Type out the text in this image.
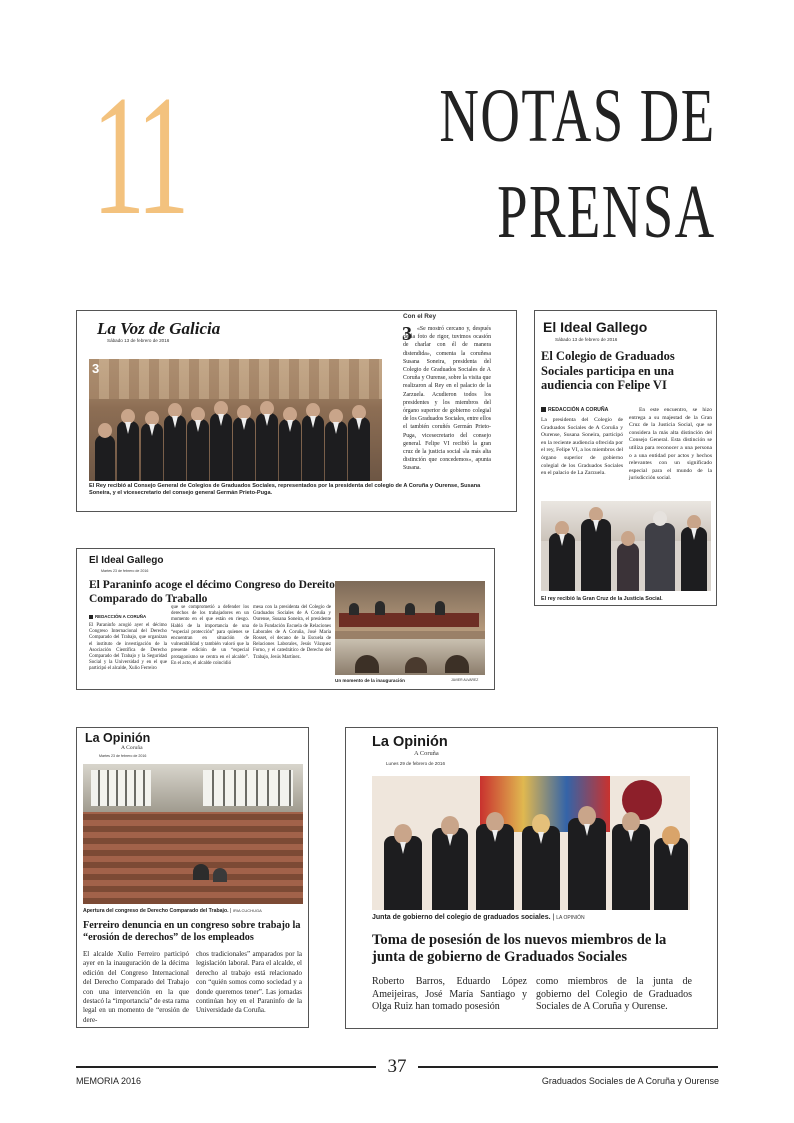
11	NOTAS DE
PRENSA
La Voz de Galicia
Sábado 13 de febrero de 2016
3
El Rey recibió al Consejo General de Colegios de Graduados Sociales, representados por la presidenta del colegio de A Coruña y Ourense, Susana Soneira, y el vicesecretario del consejo general Germán Prieto-Puga.
Con el Rey
3 «Se mostró cercano y, después de la foto de rigor, tuvimos ocasión de charlar con él de manera distendida», comenta la coruñesa Susana Soneira, presidenta del Colegio de Graduados Sociales de A Coruña y Ourense, sobre la visita que realizaron al Rey en el palacio de la Zarzuela. Acudieron todos los presidentes y los miembros del órgano superior de gobierno colegial de los Graduados Sociales, entre ellos el también coruñés Germán Prieto-Puga, vicesecretario del consejo general. Felipe VI recibió la gran cruz de la justicia social «la más alta distinción que concedemos», apunta Susana.
El Ideal Gallego
Sábado 13 de febrero de 2016
El Colegio de Graduados Sociales participa en una audiencia con Felipe VI
REDACCIÓN A CORUÑA
La presidenta del Colegio de Graduados Sociales de A Coruña y Ourense, Susana Soneira, participó en la reciente audiencia ofrecida por el rey, Felipe VI, a los miembros del órgano superior de gobierno colegial de los Graduados Sociales en el palacio de La Zarzuela.
En este encuentro, se hizo entrega a su majestad de la Gran Cruz de la Justicia Social, que se considera la más alta distinción del Consejo General. Esta distinción se utiliza para reconocer a una persona o a una entidad por actos y hechos relevantes con un significado especial para el mundo de la jurisdicción social.
El rey recibió la Gran Cruz de la Justicia Social.
El Ideal Gallego
Martes 23 de febrero de 2016
El Paraninfo acoge el décimo Congreso do Dereito Comparado do Traballo
REDACCIÓN A CORUÑA
El Paraninfo acogió ayer el décimo Congreso Internacional del Derecho Comparado del Trabajo, que organizan el instituto de investigación de la Asociación Científica de Derecho Comparado del Trabajo y la Seguridad Social y la Universidad y en el que participó el alcalde, Xulio Ferreiro
que se comprometió a defender los derechos de los trabajadores en un momento en el que están en riesgo. Habló de la importancia de una “especial protección” para quienes se encuentran en situación de vulnerabilidad y también valoró que la presente edición de un “especial protagonismo se centra en el alcalde”. En el acto, el alcalde coincidió
mesa con la presidenta del Colegio de Graduados Sociales de A Coruña y Ourense, Susana Soneira, el presidente de la Fundación Escuela de Relaciones Laborales de A Coruña, José María Rosset, el decano de la Escuela de Relaciones Laborales, Jesús Vázquez Forno, y el catedrático de Derecho del Trabajo, Jesús Martínez.
Un momento de la inauguración	JAVIER ALVAREZ
La Opinión
A Coruña
Martes 23 de febrero de 2016
Apertura del congreso de Derecho Comparado del Trabajo. | IRIA CUCHUGA
Ferreiro denuncia en un congreso sobre trabajo la “erosión de derechos” de los empleados
El alcalde Xulio Ferreiro participó ayer en la inauguración de la décima edición del Congreso Internacional del Derecho Comparado del Trabajo con una intervención en la que destacó la “importancia” de esta rama legal en un momento de “erosión de dere-
chos tradicionales” amparados por la legislación laboral. Para el alcalde, el derecho al trabajo está relacionado con “quién somos como sociedad y a donde queremos tener”. Las jornadas continúan hoy en el Paraninfo de la Universidade da Coruña.
La Opinión
A Coruña
Lunes 29 de febrero de 2016
Junta de gobierno del colegio de graduados sociales. | LA OPINIÓN
Toma de posesión de los nuevos miembros de la junta de gobierno de Graduados Sociales
Roberto Barros, Eduardo López Ameijeiras, José María Santiago y Olga Ruiz han tomado posesión
como miembros de la junta de gobierno del Colegio de Graduados Sociales de A Coruña y Ourense.
37
MEMORIA 2016	Graduados Sociales de A Coruña y Ourense
